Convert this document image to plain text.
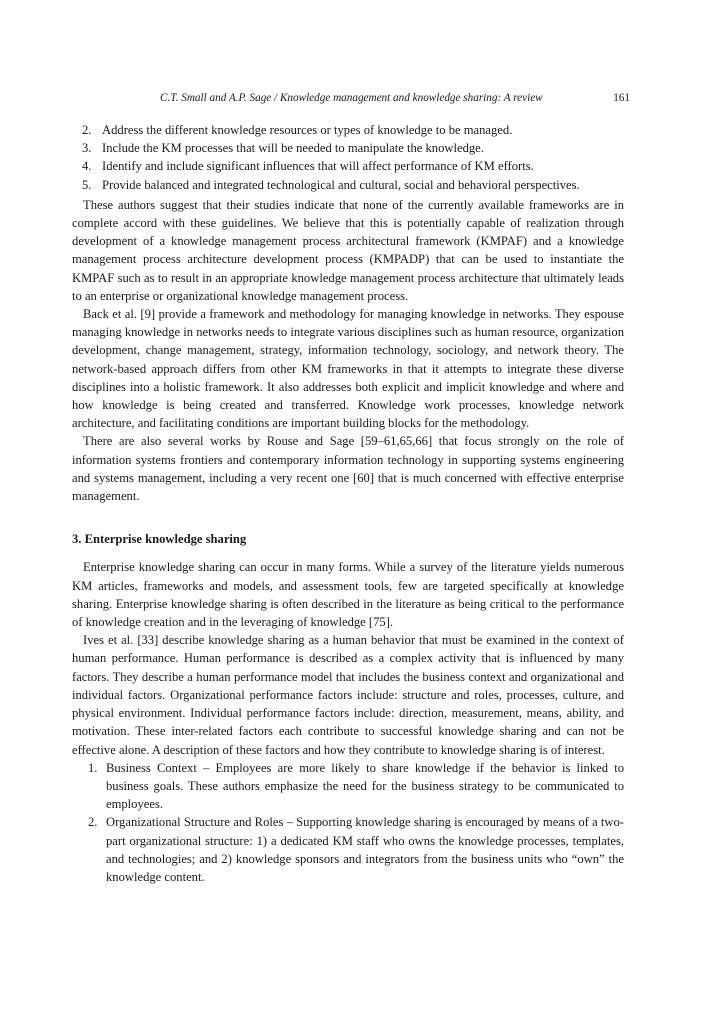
C.T. Small and A.P. Sage / Knowledge management and knowledge sharing: A review	161
2. Address the different knowledge resources or types of knowledge to be managed.
3. Include the KM processes that will be needed to manipulate the knowledge.
4. Identify and include significant influences that will affect performance of KM efforts.
5. Provide balanced and integrated technological and cultural, social and behavioral perspectives.

These authors suggest that their studies indicate that none of the currently available frameworks are in complete accord with these guidelines. We believe that this is potentially capable of realization through development of a knowledge management process architectural framework (KMPAF) and a knowledge management process architecture development process (KMPADP) that can be used to instantiate the KMPAF such as to result in an appropriate knowledge management process architecture that ultimately leads to an enterprise or organizational knowledge management process.

Back et al. [9] provide a framework and methodology for managing knowledge in networks. They espouse managing knowledge in networks needs to integrate various disciplines such as human resource, organization development, change management, strategy, information technology, sociology, and network theory. The network-based approach differs from other KM frameworks in that it attempts to integrate these diverse disciplines into a holistic framework. It also addresses both explicit and implicit knowledge and where and how knowledge is being created and transferred. Knowledge work processes, knowledge network architecture, and facilitating conditions are important building blocks for the methodology.

There are also several works by Rouse and Sage [59–61,65,66] that focus strongly on the role of information systems frontiers and contemporary information technology in supporting systems engineering and systems management, including a very recent one [60] that is much concerned with effective enterprise management.

3. Enterprise knowledge sharing

Enterprise knowledge sharing can occur in many forms. While a survey of the literature yields numerous KM articles, frameworks and models, and assessment tools, few are targeted specifically at knowledge sharing. Enterprise knowledge sharing is often described in the literature as being critical to the performance of knowledge creation and in the leveraging of knowledge [75].

Ives et al. [33] describe knowledge sharing as a human behavior that must be examined in the context of human performance. Human performance is described as a complex activity that is influenced by many factors. They describe a human performance model that includes the business context and organizational and individual factors. Organizational performance factors include: structure and roles, processes, culture, and physical environment. Individual performance factors include: direction, measurement, means, ability, and motivation. These inter-related factors each contribute to successful knowledge sharing and can not be effective alone. A description of these factors and how they contribute to knowledge sharing is of interest.

1. Business Context – Employees are more likely to share knowledge if the behavior is linked to business goals. These authors emphasize the need for the business strategy to be communicated to employees.
2. Organizational Structure and Roles – Supporting knowledge sharing is encouraged by means of a two-part organizational structure: 1) a dedicated KM staff who owns the knowledge processes, templates, and technologies; and 2) knowledge sponsors and integrators from the business units who “own” the knowledge content.
